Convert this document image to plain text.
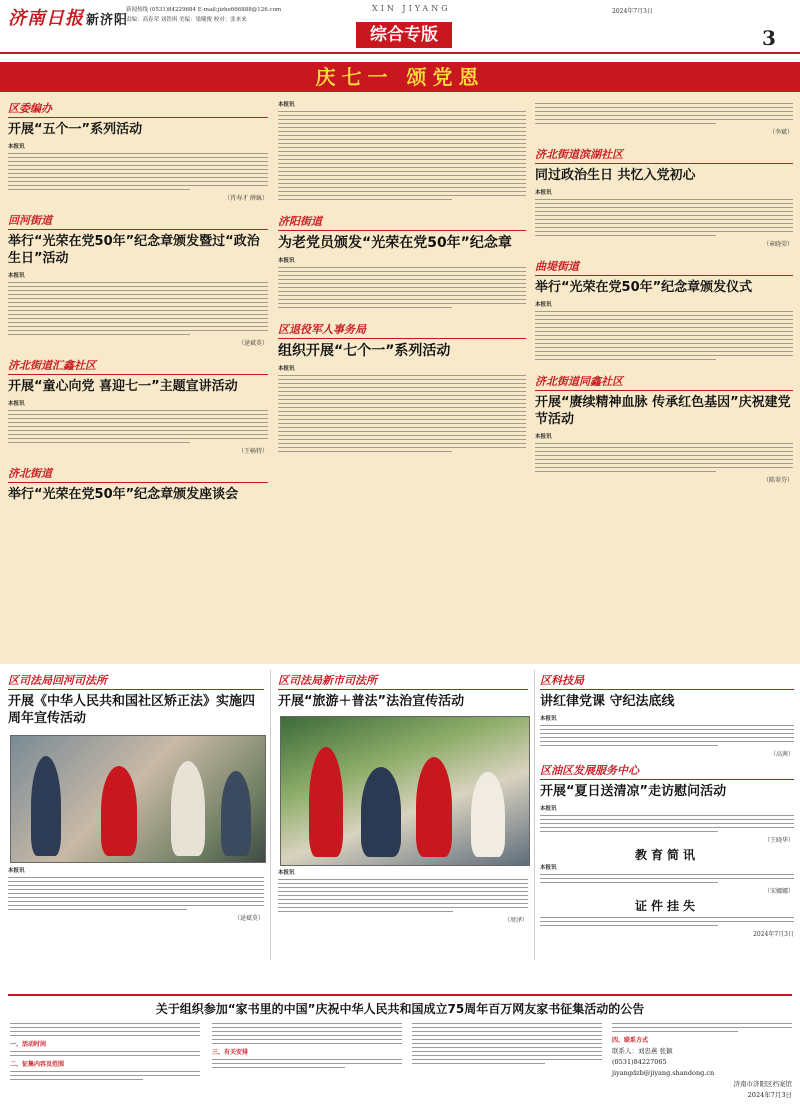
济南日报 新济阳
新闻热线 (0531)84229684 E-mail:jizhe666888@126.com
责编：高春荣 刘铁琪 美编：梁曦俊 校对：张来来
XIN JIYANG	2024年7月3日
综合专版	3
庆七一 颂党恩
区委编办
开展“五个一”系列活动
本报讯
（肖寿才 薛絲）
回河街道
举行“光荣在党50年”纪念章颁发暨过“政治生日”活动
本报讯
（逯斌莫）
济北街道汇鑫社区
开展“童心向党 喜迎七一”主题宣讲活动
本报讯
（王畅特）
济北街道
举行“光荣在党50年”纪念章颁发座谈会
本报讯
济阳街道
为老党员颁发“光荣在党50年”纪念章
本报讯
区退役军人事务局
组织开展“七个一”系列活动
本报讯
（李斌）
济北街道滨湖社区
同过政治生日 共忆入党初心
本报讯
（章晓荣）
曲堤街道
举行“光荣在党50年”纪念章颁发仪式
本报讯
济北街道同鑫社区
开展“赓续精神血脉 传承红色基因”庆祝建党节活动
本报讯
（陈翠芬）
区司法局回河司法所
开展《中华人民共和国社区矫正法》实施四周年宣传活动
本报讯
（逯斌莫）
区司法局新市司法所
开展“旅游＋普法”法治宣传活动
本报讯
（周泽）
区科技局
讲红律党课 守纪法底线
本报讯
（高茜）
区油区发展服务中心
开展“夏日送清凉”走访慰问活动
本报讯
（王晓华）
教育简讯
本报讯
（宋娜娜）
证件挂失
2024年7月3日
关于组织参加“家书里的中国”庆祝中华人民共和国成立75周年百万网友家书征集活动的公告
一、活动时间
二、征集内容及范围
三、有关安排
四、联系方式
联系人：刘忠燕 张颖
(0531)84227065
jiyangdzb@jiyang.shandong.cn
济南市济阳区档案馆
2024年7月3日
